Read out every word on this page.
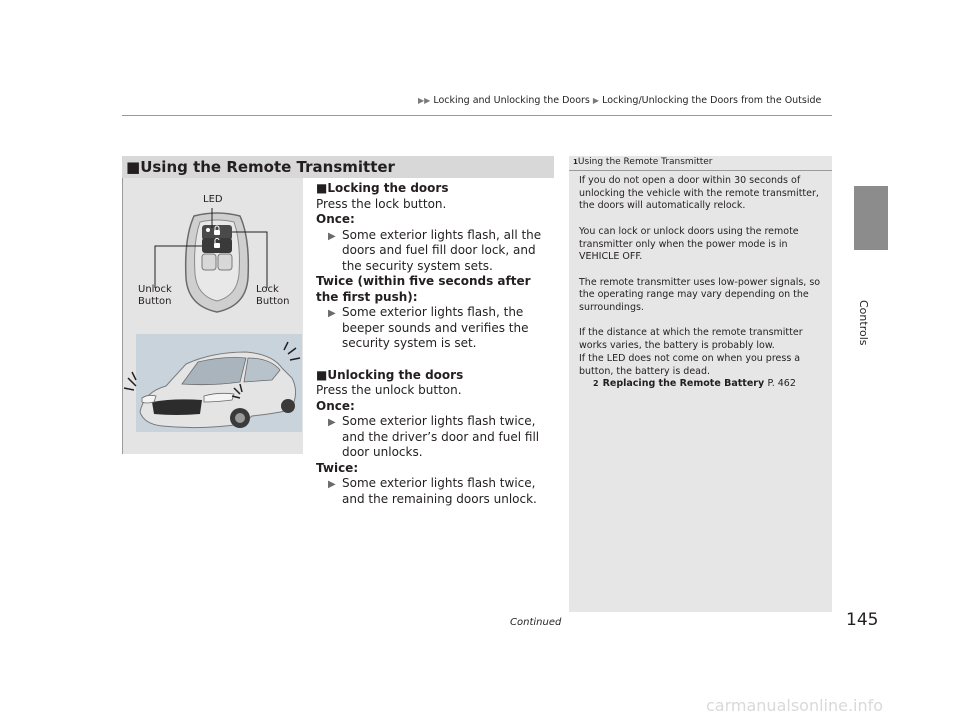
▶▶ Locking and Unlocking the Doors ▶ Locking/Unlocking the Doors from the Outside
Controls
■Using the Remote Transmitter
LED
Unlock
Button
Lock
Button
■Locking the doors
Press the lock button.
Once:
▶ Some exterior lights flash, all the doors and fuel fill door lock, and the security system sets.
Twice (within five seconds after the first push):
▶ Some exterior lights flash, the beeper sounds and verifies the security system is set.
■Unlocking the doors
Press the unlock button.
Once:
▶ Some exterior lights flash twice, and the driver’s door and fuel fill door unlocks.
Twice:
▶ Some exterior lights flash twice, and the remaining doors unlock.
1Using the Remote Transmitter

If you do not open a door within 30 seconds of unlocking the vehicle with the remote transmitter, the doors will automatically relock.

You can lock or unlock doors using the remote transmitter only when the power mode is in VEHICLE OFF.

The remote transmitter uses low-power signals, so the operating range may vary depending on the surroundings.

If the distance at which the remote transmitter works varies, the battery is probably low.
If the LED does not come on when you press a button, the battery is dead.
2 Replacing the Remote Battery P. 462
Continued	145
carmanualsonline.info
